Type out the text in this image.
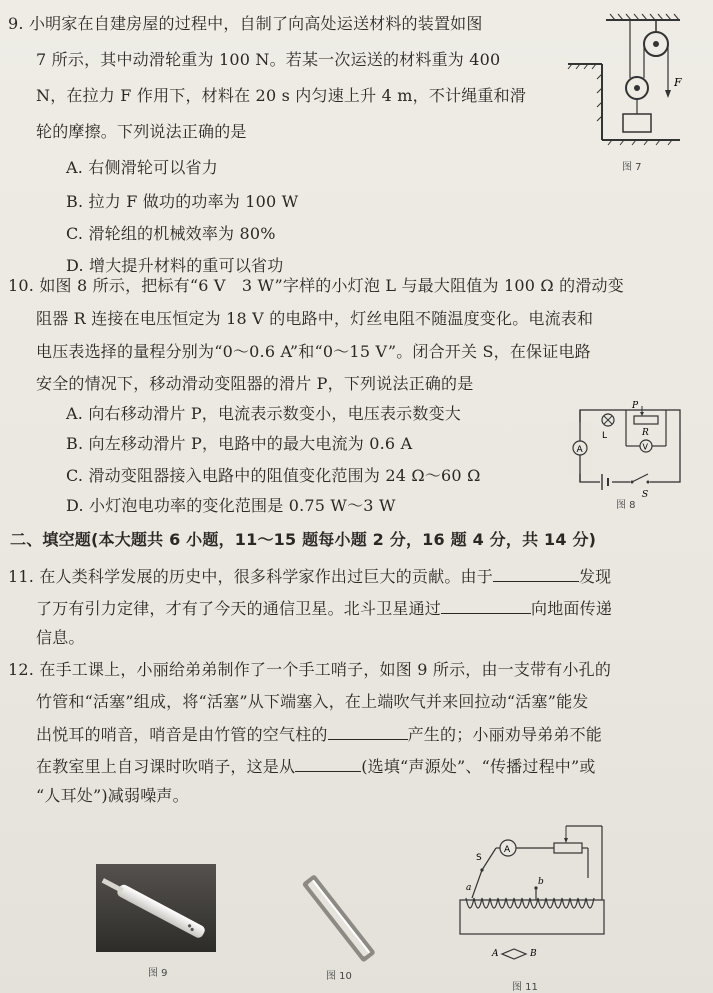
9. 小明家在自建房屋的过程中，自制了向高处运送材料的装置如图
7 所示，其中动滑轮重为 100 N。若某一次运送的材料重为 400
N，在拉力 F 作用下，材料在 20 s 内匀速上升 4 m，不计绳重和滑
轮的摩擦。下列说法正确的是
A. 右侧滑轮可以省力
B. 拉力 F 做功的功率为 100 W
C. 滑轮组的机械效率为 80%
D. 增大提升材料的重可以省功
F
图 7
10. 如图 8 所示，把标有“6 V　3 W”字样的小灯泡 L 与最大阻值为 100 Ω 的滑动变
阻器 R 连接在电压恒定为 18 V 的电路中，灯丝电阻不随温度变化。电流表和
电压表选择的量程分别为“0～0.6 A”和“0～15 V”。闭合开关 S，在保证电路
安全的情况下，移动滑动变阻器的滑片 P，下列说法正确的是
A. 向右移动滑片 P，电流表示数变小，电压表示数变大
B. 向左移动滑片 P，电路中的最大电流为 0.6 A
C. 滑动变阻器接入电路中的阻值变化范围为 24 Ω～60 Ω
D. 小灯泡电功率的变化范围是 0.75 W～3 W
A
L
P
R
V
S
图 8
二、填空题(本大题共 6 小题，11～15 题每小题 2 分，16 题 4 分，共 14 分)
11. 在人类科学发展的历史中，很多科学家作出过巨大的贡献。由于	发现
了万有引力定律，才有了今天的通信卫星。北斗卫星通过	向地面传递
信息。
12. 在手工课上，小丽给弟弟制作了一个手工哨子，如图 9 所示，由一支带有小孔的
竹管和“活塞”组成，将“活塞”从下端塞入，在上端吹气并来回拉动“活塞”能发
出悦耳的哨音，哨音是由竹管的空气柱的	产生的；小丽劝导弟弟不能
在教室里上自习课时吹哨子，这是从	(选填“声源处”、“传播过程中”或
“人耳处”)减弱噪声。
图 9	图 10
S
A
a
b
A	B
图 11
